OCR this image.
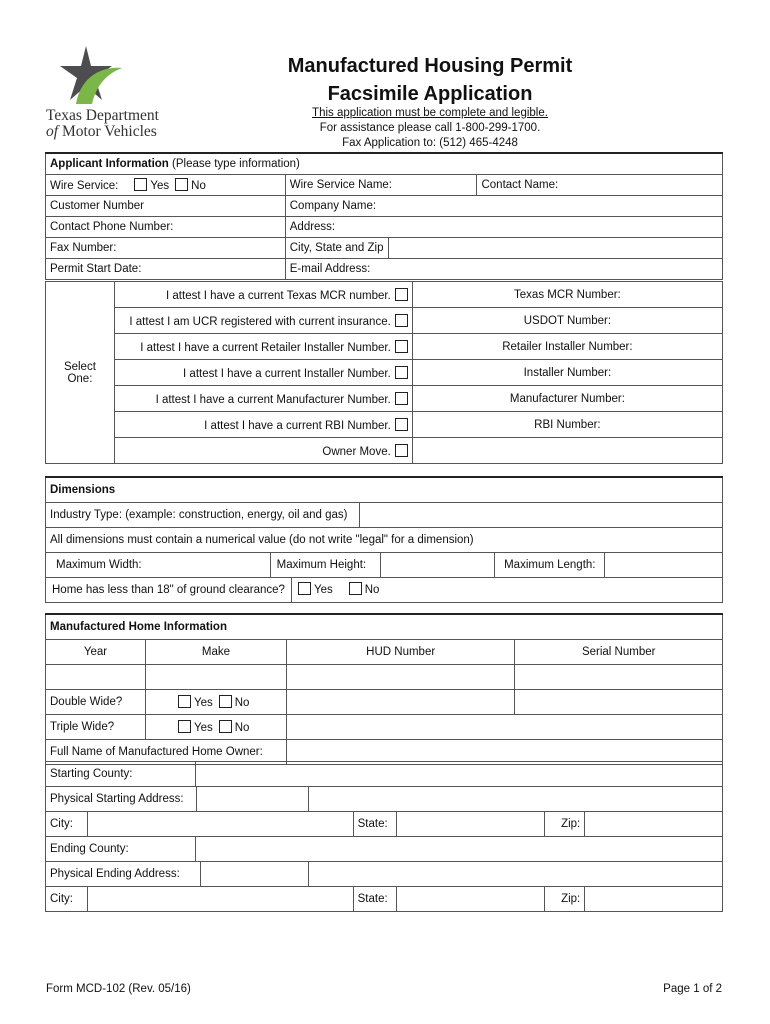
Texas Department
of Motor Vehicles
Manufactured Housing Permit
Facsimile Application
This application must be complete and legible.
For assistance please call 1-800-299-1700.
Fax Application to: (512) 465-4248
Applicant Information (Please type information)		
Wire Service: Yes No	Wire Service Name:	Contact Name:
Customer Number	Company Name:	
Contact Phone Number:	Address:	
Fax Number:	City, State and Zip	
Permit Start Date:	E-mail Address:	
Select One:	I attest I have a current Texas MCR number.	Texas MCR Number:
	I attest I am UCR registered with current insurance.	USDOT Number:
	I attest I have a current Retailer Installer Number.	Retailer Installer Number:
	I attest I have a current Installer Number.	Installer Number:
	I attest I have a current Manufacturer Number.	Manufacturer Number:
	I attest I have a current RBI Number.	RBI Number:
	Owner Move.	
Dimensions
Industry Type: (example: construction, energy, oil and gas)
All dimensions must contain a numerical value (do not write "legal" for a dimension)
Maximum Width:	Maximum Height:		Maximum Length:	
Home has less than 18" of ground clearance?	Yes	No
Manufactured Home Information			
Year	Make	HUD Number	Serial Number

Double Wide?	Yes No		
Triple Wide?	Yes No		
Full Name of Manufactured Home Owner:			
Starting County:						
Physical Starting Address:						
City:				State:	Zip:	
Ending County:						
Physical Ending Address:						
City:				State:	Zip:	
Form MCD-102 (Rev. 05/16)	Page 1 of 2
